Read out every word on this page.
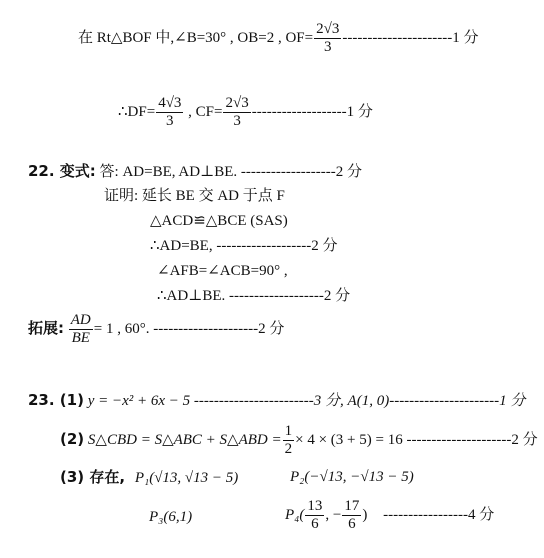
在 Rt△BOF 中,∠B=30° , OB=2 , $OF= \frac{2√3}{3} ----------------------1$ 分
∴DF= $\frac{4√3}{3}$ , $CF= \frac{2√3}{3} -------------------1$ 分
22. 变式: 答: AD=BE, AD⊥BE. -------------------2 分
证明: 延长 BE 交 AD 于点 F
△ACD≌△BCE (SAS)
∴AD=BE, -------------------2 分
∠AFB=∠ACB=90° ,
∴AD⊥BE. -------------------2 分
拓展: $\frac{AD}{BE} = 1$ , 60°. ---------------------2 分
23. (1) y = −x² + 6x − 5 ------------------------3 分, A(1, 0)----------------------1 分
(2) S△CBD = S△ABC + S△ABD = $\frac{1}{2} \times 4 \times (3 + 5) = 16$ ---------------------2 分
(3) 存在, P₁(√13, √13 − 5)	P₂(−√13, −√13 − 5)
P₃(6,1)	$P_4( \frac{13}{6}$ , − $\frac{17}{6}$ ) -----------------4 分
